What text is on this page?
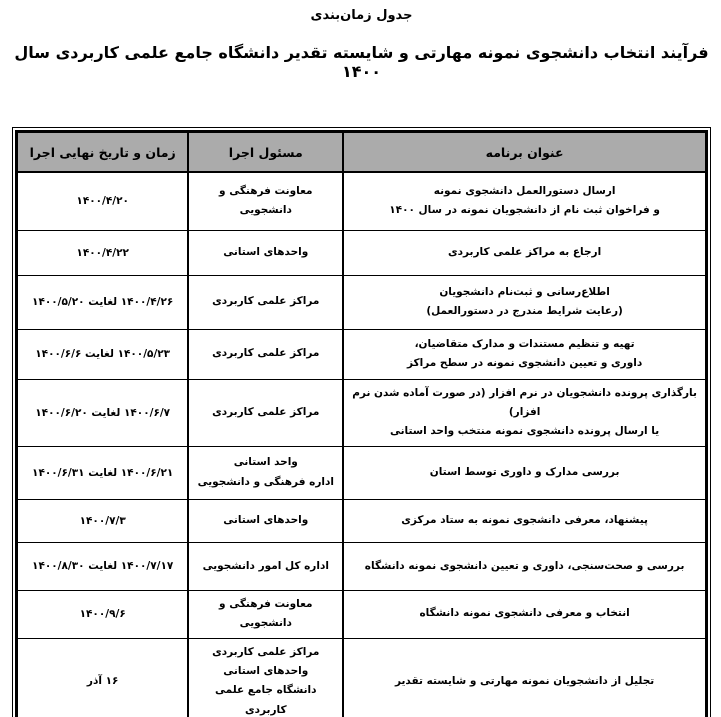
جدول زمان‌بندی
فرآیند انتخاب دانشجوی نمونه مهارتی و شایسته تقدیر دانشگاه جامع علمی کاربردی سال ۱۴۰۰
عنوان برنامه	مسئول اجرا	زمان و تاریخ نهایی اجرا

ارسال دستورالعمل دانشجوی نمونه
و فراخوان ثبت نام از دانشجویان نمونه در سال ۱۴۰۰	معاونت فرهنگی و دانشجویی	۱۴۰۰/۴/۲۰

ارجاع به مراکز علمی کاربردی	واحدهای استانی	۱۴۰۰/۴/۲۲

اطلاع‌رسانی و ثبت‌نام دانشجویان
(رعایت شرایط مندرج در دستورالعمل)	مراکز علمی کاربردی	۱۴۰۰/۴/۲۶ لغایت ۱۴۰۰/۵/۲۰

تهیه و تنظیم مستندات و مدارک متقاضیان،
داوری و تعیین دانشجوی نمونه در سطح مراکز	مراکز علمی کاربردی	۱۴۰۰/۵/۲۳ لغایت ۱۴۰۰/۶/۶

بارگذاری پرونده دانشجویان در نرم افزار (در صورت آماده شدن نرم افزار)
یا ارسال پرونده دانشجوی نمونه منتخب واحد استانی	مراکز علمی کاربردی	۱۴۰۰/۶/۷ لغایت ۱۴۰۰/۶/۲۰

بررسی مدارک و داوری توسط استان	واحد استانی
اداره فرهنگی و دانشجویی	۱۴۰۰/۶/۲۱ لغایت ۱۴۰۰/۶/۳۱

پیشنهاد، معرفی دانشجوی نمونه به ستاد مرکزی	واحدهای استانی	۱۴۰۰/۷/۳

بررسی و صحت‌سنجی، داوری و تعیین دانشجوی نمونه دانشگاه	اداره کل امور دانشجویی	۱۴۰۰/۷/۱۷ لغایت ۱۴۰۰/۸/۳۰

انتخاب و معرفی دانشجوی نمونه دانشگاه	معاونت فرهنگی و دانشجویی	۱۴۰۰/۹/۶

تجلیل از دانشجویان نمونه مهارتی و شایسته تقدیر	مراکز علمی کاربردی
واحدهای استانی
دانشگاه جامع علمی کاربردی	۱۶ آذر
